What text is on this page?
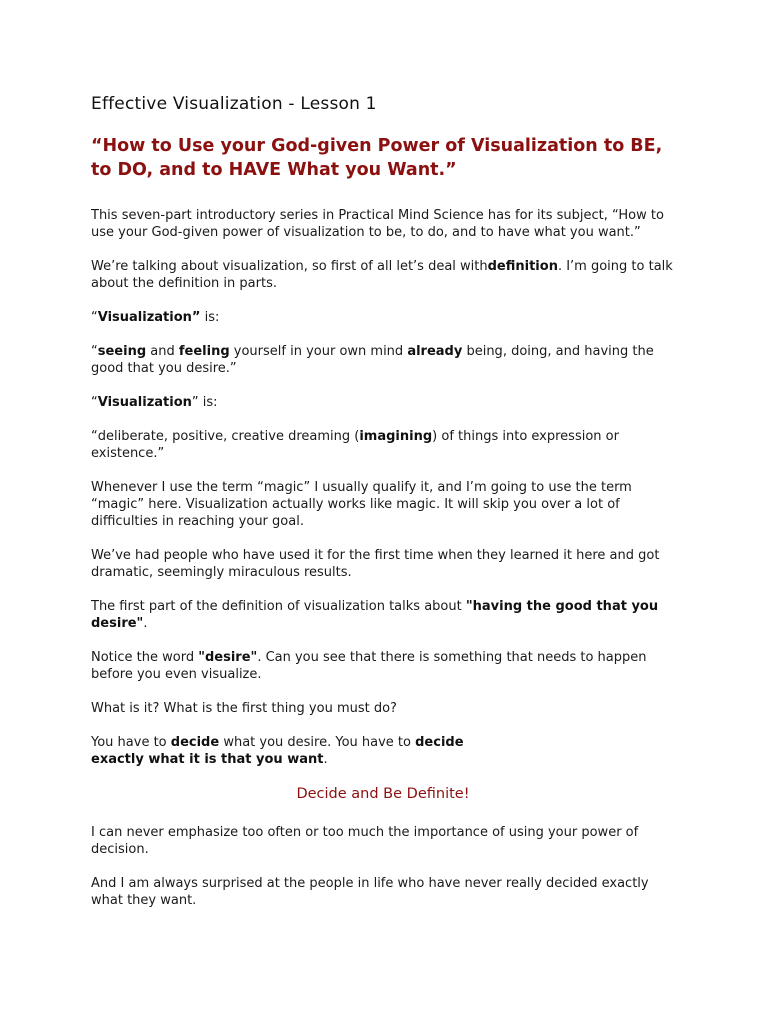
Effective Visualization - Lesson 1
“How to Use your God-given Power of Visualization to BE, to DO, and to HAVE What you Want.”

This seven-part introductory series in Practical Mind Science has for its subject, “How to use your God-given power of visualization to be, to do, and to have what you want.”

We’re talking about visualization, so first of all let’s deal withdefinition. I’m going to talk about the definition in parts.

“Visualization” is:

“seeing and feeling yourself in your own mind already being, doing, and having the good that you desire.”

“Visualization” is:

“deliberate, positive, creative dreaming (imagining) of things into expression or existence.”

Whenever I use the term “magic” I usually qualify it, and I’m going to use the term “magic” here. Visualization actually works like magic. It will skip you over a lot of difficulties in reaching your goal.

We’ve had people who have used it for the first time when they learned it here and got dramatic, seemingly miraculous results.

The first part of the definition of visualization talks about "having the good that you desire".

Notice the word "desire". Can you see that there is something that needs to happen before you even visualize.

What is it? What is the first thing you must do?

You have to decide what you desire. You have to decide
exactly what it is that you want.

Decide and Be Definite!

I can never emphasize too often or too much the importance of using your power of decision.

And I am always surprised at the people in life who have never really decided exactly what they want.
